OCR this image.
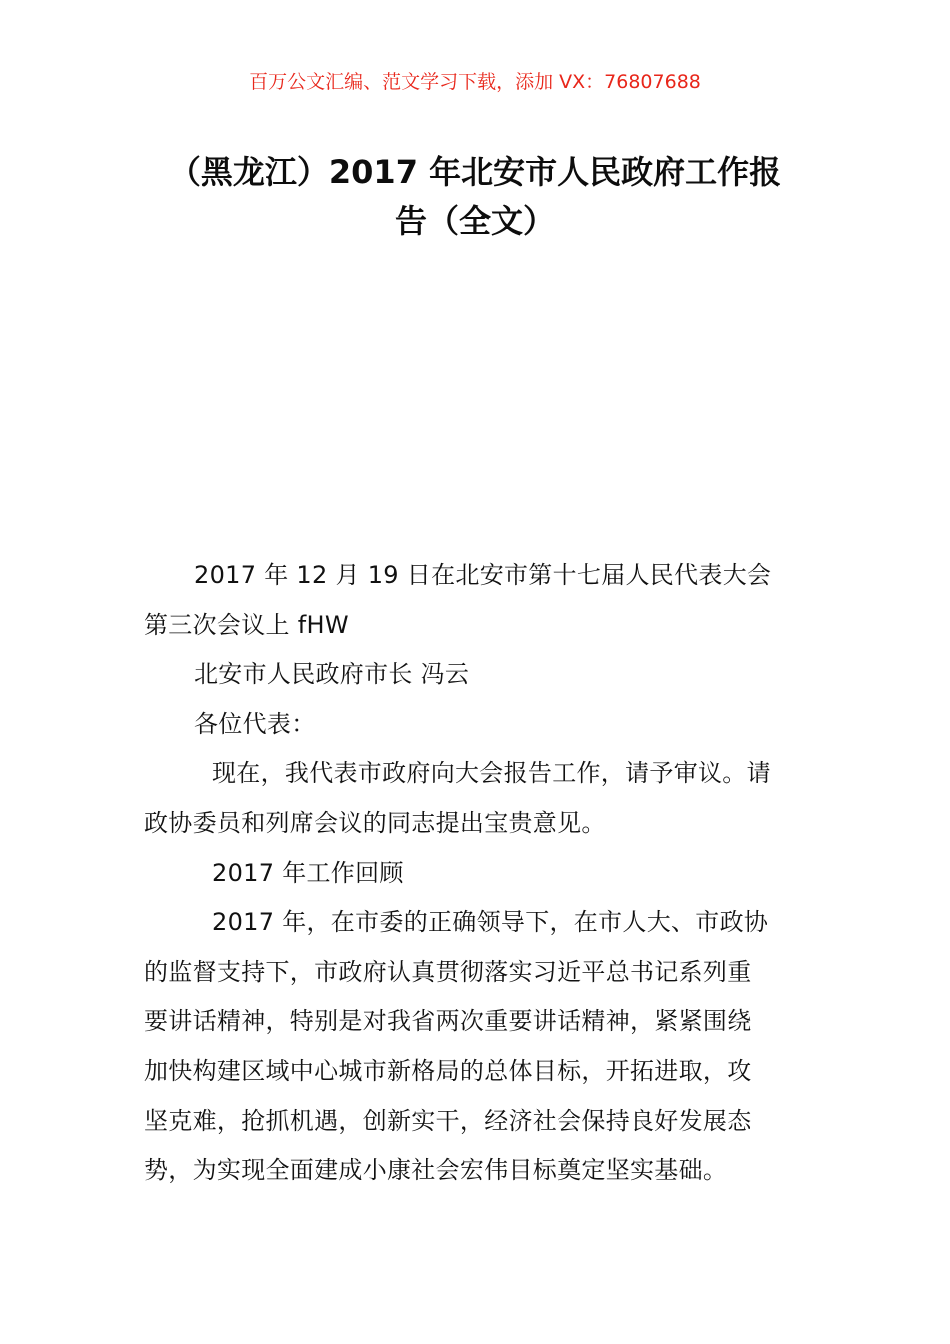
百万公文汇编、范文学习下载，添加 VX：76807688
（黑龙江）2017 年北安市人民政府工作报
告（全文）

2017 年 12 月 19 日在北安市第十七届人民代表大会

第三次会议上 fHW

北安市人民政府市长 冯云

各位代表：

现在，我代表市政府向大会报告工作，请予审议。请

政协委员和列席会议的同志提出宝贵意见。

2017 年工作回顾

2017 年，在市委的正确领导下，在市人大、市政协

的监督支持下，市政府认真贯彻落实习近平总书记系列重

要讲话精神，特别是对我省两次重要讲话精神，紧紧围绕

加快构建区域中心城市新格局的总体目标，开拓进取，攻

坚克难，抢抓机遇，创新实干，经济社会保持良好发展态

势，为实现全面建成小康社会宏伟目标奠定坚实基础。
